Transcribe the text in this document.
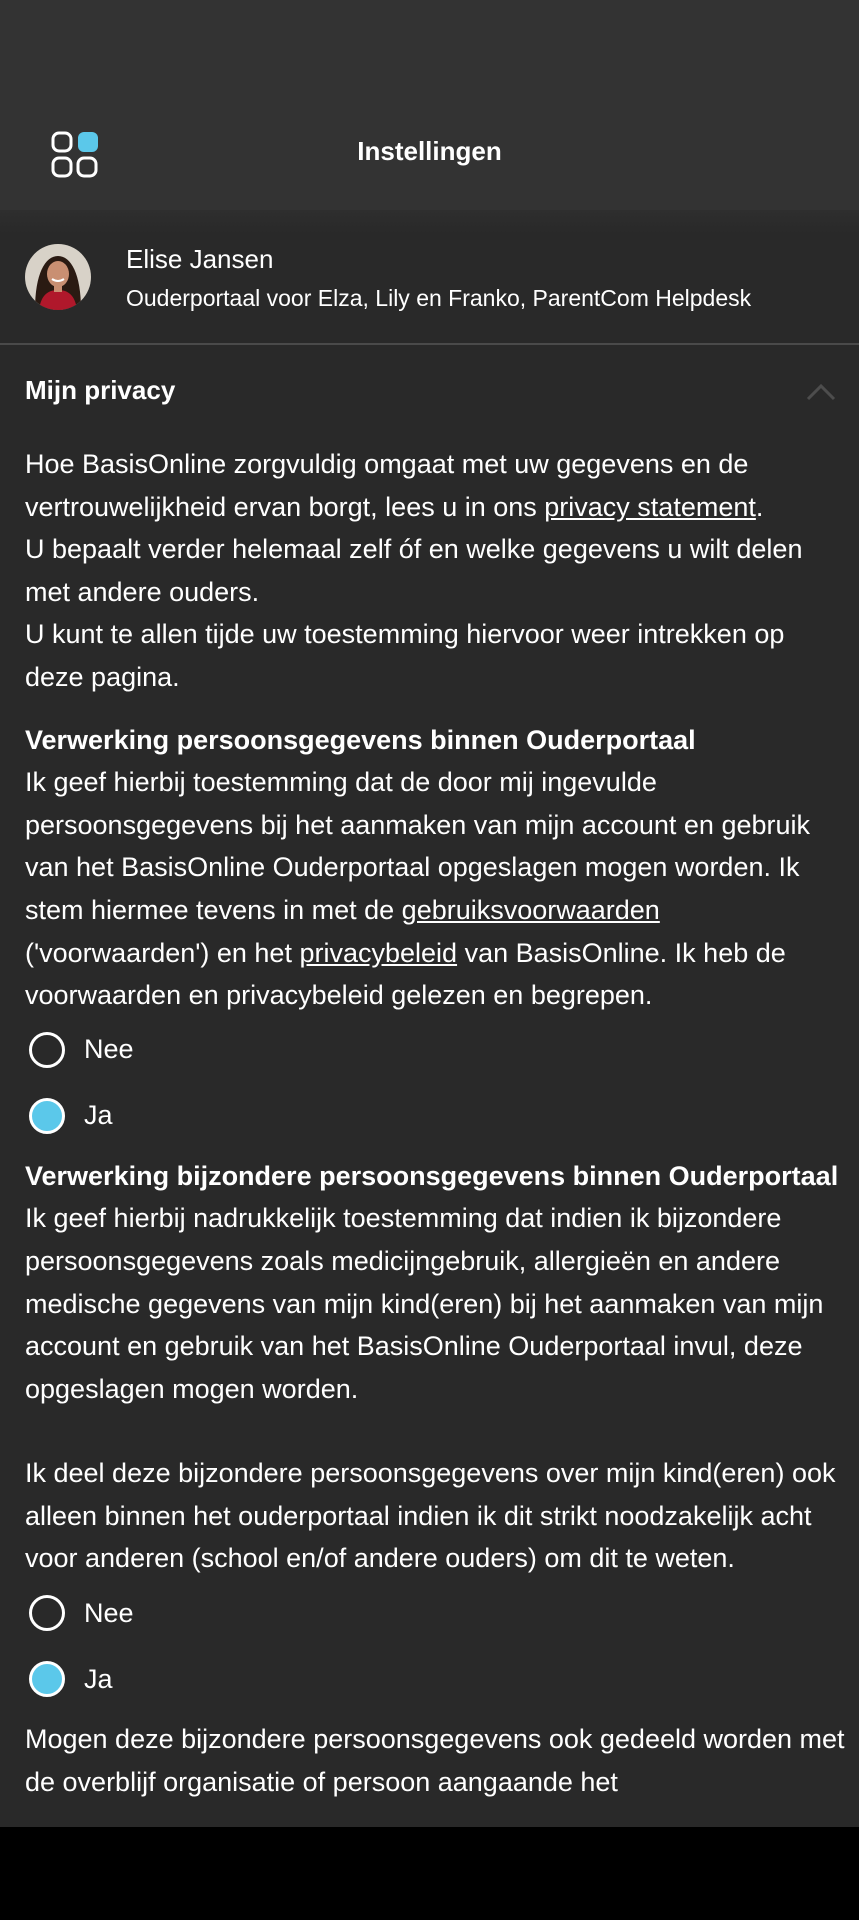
Instellingen
Elise Jansen
Ouderportaal voor Elza, Lily en Franko, ParentCom Helpdesk
Mijn privacy

Hoe BasisOnline zorgvuldig omgaat met uw gegevens en de vertrouwelijkheid ervan borgt, lees u in ons privacy statement.
U bepaalt verder helemaal zelf óf en welke gegevens u wilt delen met andere ouders.
U kunt te allen tijde uw toestemming hiervoor weer intrekken op deze pagina.

Verwerking persoonsgegevens binnen Ouderportaal

Ik geef hierbij toestemming dat de door mij ingevulde persoonsgegevens bij het aanmaken van mijn account en gebruik van het BasisOnline Ouderportaal opgeslagen mogen worden. Ik stem hiermee tevens in met de gebruiksvoorwaarden ('voorwaarden') en het privacybeleid van BasisOnline. Ik heb de voorwaarden en privacybeleid gelezen en begrepen.

Nee
Ja

Verwerking bijzondere persoonsgegevens binnen Ouderportaal

Ik geef hierbij nadrukkelijk toestemming dat indien ik bijzondere persoonsgegevens zoals medicijngebruik, allergieën en andere medische gegevens van mijn kind(eren) bij het aanmaken van mijn account en gebruik van het BasisOnline Ouderportaal invul, deze opgeslagen mogen worden.

Ik deel deze bijzondere persoonsgegevens over mijn kind(eren) ook alleen binnen het ouderportaal indien ik dit strikt noodzakelijk acht voor anderen (school en/of andere ouders) om dit te weten.

Nee
Ja

Mogen deze bijzondere persoonsgegevens ook gedeeld worden met de overblijf organisatie of persoon aangaande het
